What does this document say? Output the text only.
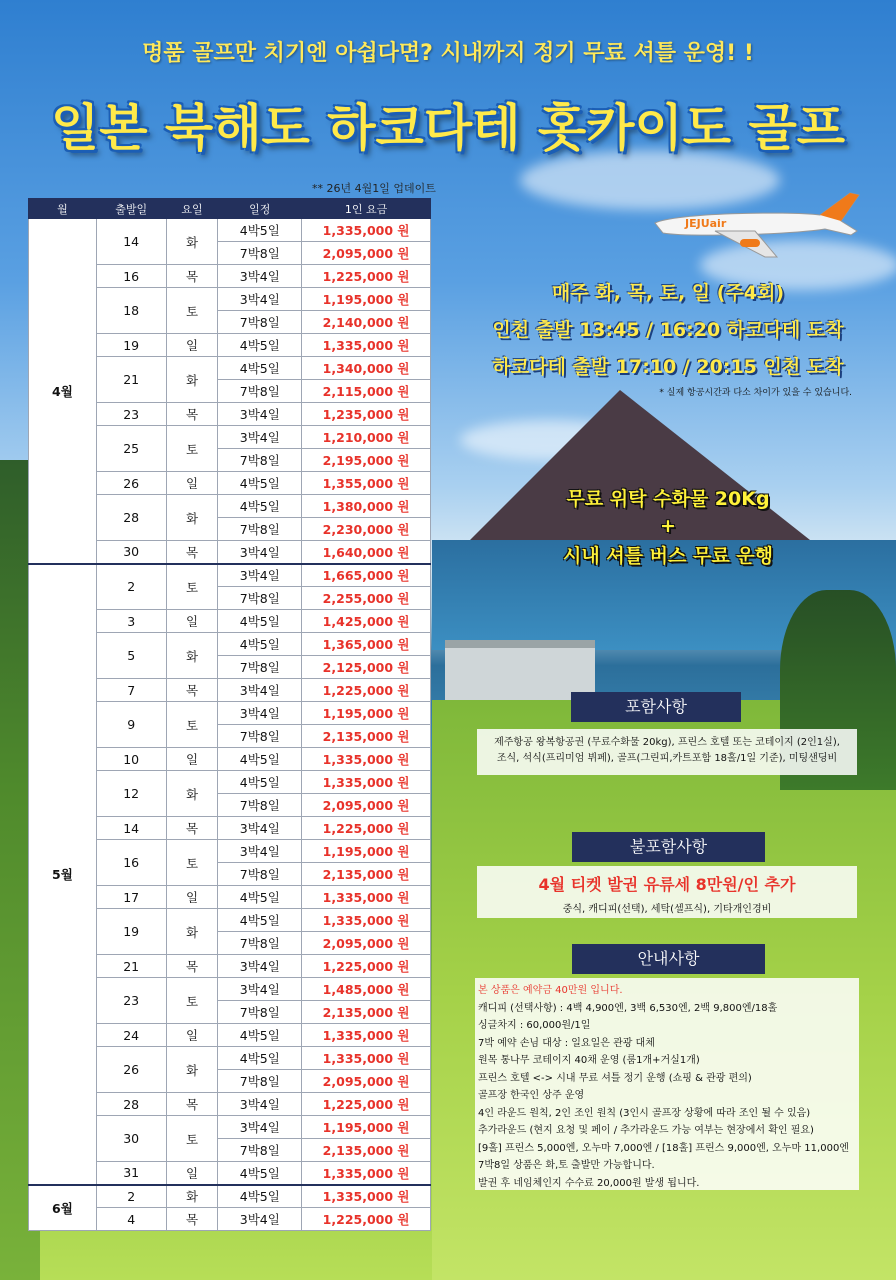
명품 골프만 치기엔 아쉽다면? 시내까지 정기 무료 셔틀 운영! !
일본 북해도 하코다테 홋카이도 골프
** 26년 4월1일 업데이트
월	출발일	요일	일정	1인 요금
4월	14	화	4박5일	1,335,000 원
			7박8일	2,095,000 원
	16	목	3박4일	1,225,000 원
	18	토	3박4일	1,195,000 원
			7박8일	2,140,000 원
	19	일	4박5일	1,335,000 원
	21	화	4박5일	1,340,000 원
			7박8일	2,115,000 원
	23	목	3박4일	1,235,000 원
	25	토	3박4일	1,210,000 원
			7박8일	2,195,000 원
	26	일	4박5일	1,355,000 원
	28	화	4박5일	1,380,000 원
			7박8일	2,230,000 원
	30	목	3박4일	1,640,000 원
5월	2	토	3박4일	1,665,000 원
			7박8일	2,255,000 원
	3	일	4박5일	1,425,000 원
	5	화	4박5일	1,365,000 원
			7박8일	2,125,000 원
	7	목	3박4일	1,225,000 원
	9	토	3박4일	1,195,000 원
			7박8일	2,135,000 원
	10	일	4박5일	1,335,000 원
	12	화	4박5일	1,335,000 원
			7박8일	2,095,000 원
	14	목	3박4일	1,225,000 원
	16	토	3박4일	1,195,000 원
			7박8일	2,135,000 원
	17	일	4박5일	1,335,000 원
	19	화	4박5일	1,335,000 원
			7박8일	2,095,000 원
	21	목	3박4일	1,225,000 원
	23	토	3박4일	1,485,000 원
			7박8일	2,135,000 원
	24	일	4박5일	1,335,000 원
	26	화	4박5일	1,335,000 원
			7박8일	2,095,000 원
	28	목	3박4일	1,225,000 원
	30	토	3박4일	1,195,000 원
			7박8일	2,135,000 원
	31	일	4박5일	1,335,000 원
6월	2	화	4박5일	1,335,000 원
	4	목	3박4일	1,225,000 원
JEJUair
매주 화, 목, 토, 일 (주4회)
인천 출발 13:45 / 16:20 하코다테 도착
하코다테 출발 17:10 / 20:15 인천 도착
* 실제 항공시간과 다소 차이가 있을 수 있습니다.
무료 위탁 수화물 20Kg
+
시내 셔틀 버스 무료 운행
포함사항
제주항공 왕복항공권 (무료수화물 20kg), 프린스 호텔 또는 코테이지 (2인1실),
조식, 석식(프리미엄 뷔페), 골프(그린피,카트포함 18홀/1일 기준), 미팅샌딩비
불포함사항
4월 티켓 발권 유류세 8만원/인 추가
중식, 캐디피(선택), 세탁(셀프식), 기타개인경비
안내사항
본 상품은 예약금 40만원 입니다.
캐디피 (선택사항) : 4백 4,900엔, 3백 6,530엔, 2백 9,800엔/18홀
싱글차지 : 60,000원/1일
7박 예약 손님 대상 : 일요일은 관광 대체
원목 통나무 코테이지 40채 운영 (룸1개+거실1개)
프린스 호텔 <-> 시내 무료 셔틀 정기 운행 (쇼핑 & 관광 편의)
골프장 한국인 상주 운영
4인 라운드 원칙, 2인 조인 원칙 (3인시 골프장 상황에 따라 조인 될 수 있음)
추가라운드 (현지 요청 및 페이 / 추가라운드 가능 여부는 현장에서 확인 필요)
[9홀] 프린스 5,000엔, 오누마 7,000엔 / [18홀] 프린스 9,000엔, 오누마 11,000엔
7박8일 상품은 화,토 출발만 가능합니다.
발권 후 네임체인지 수수료 20,000원 발생 됩니다.
